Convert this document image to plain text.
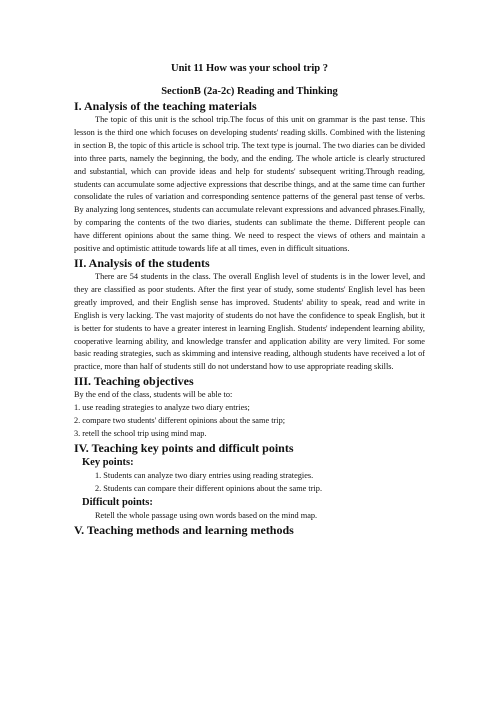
Unit 11 How was your school trip ?

SectionB (2a-2c) Reading and Thinking

I. Analysis of the teaching materials

The topic of this unit is the school trip.The focus of this unit on grammar is the past tense. This lesson is the third one which focuses on developing students' reading skills. Combined with the listening in section B, the topic of this article is school trip. The text type is journal. The two diaries can be divided into three parts, namely the beginning, the body, and the ending. The whole article is clearly structured and substantial, which can provide ideas and help for students' subsequent writing.Through reading, students can accumulate some adjective expressions that describe things, and at the same time can further consolidate the rules of variation and corresponding sentence patterns of the general past tense of verbs. By analyzing long sentences, students can accumulate relevant expressions and advanced phrases.Finally, by comparing the contents of the two diaries, students can sublimate the theme. Different people can have different opinions about the same thing. We need to respect the views of others and maintain a positive and optimistic attitude towards life at all times, even in difficult situations.

II. Analysis of the students

There are 54 students in the class. The overall English level of students is in the lower level, and they are classified as poor students. After the first year of study, some students' English level has been greatly improved, and their English sense has improved. Students' ability to speak, read and write in English is very lacking. The vast majority of students do not have the confidence to speak English, but it is better for students to have a greater interest in learning English. Students' independent learning ability, cooperative learning ability, and knowledge transfer and application ability are very limited. For some basic reading strategies, such as skimming and intensive reading, although students have received a lot of practice, more than half of students still do not understand how to use appropriate reading skills.

III. Teaching objectives

By the end of the class, students will be able to:

1. use reading strategies to analyze two diary entries;

2. compare two students' different opinions about the same trip;

3. retell the school trip using mind map.

IV. Teaching key points and difficult points

Key points:

1. Students can analyze two diary entries using reading strategies.

2. Students can compare their different opinions about the same trip.

Difficult points:

Retell the whole passage using own words based on the mind map.

V. Teaching methods and learning methods
